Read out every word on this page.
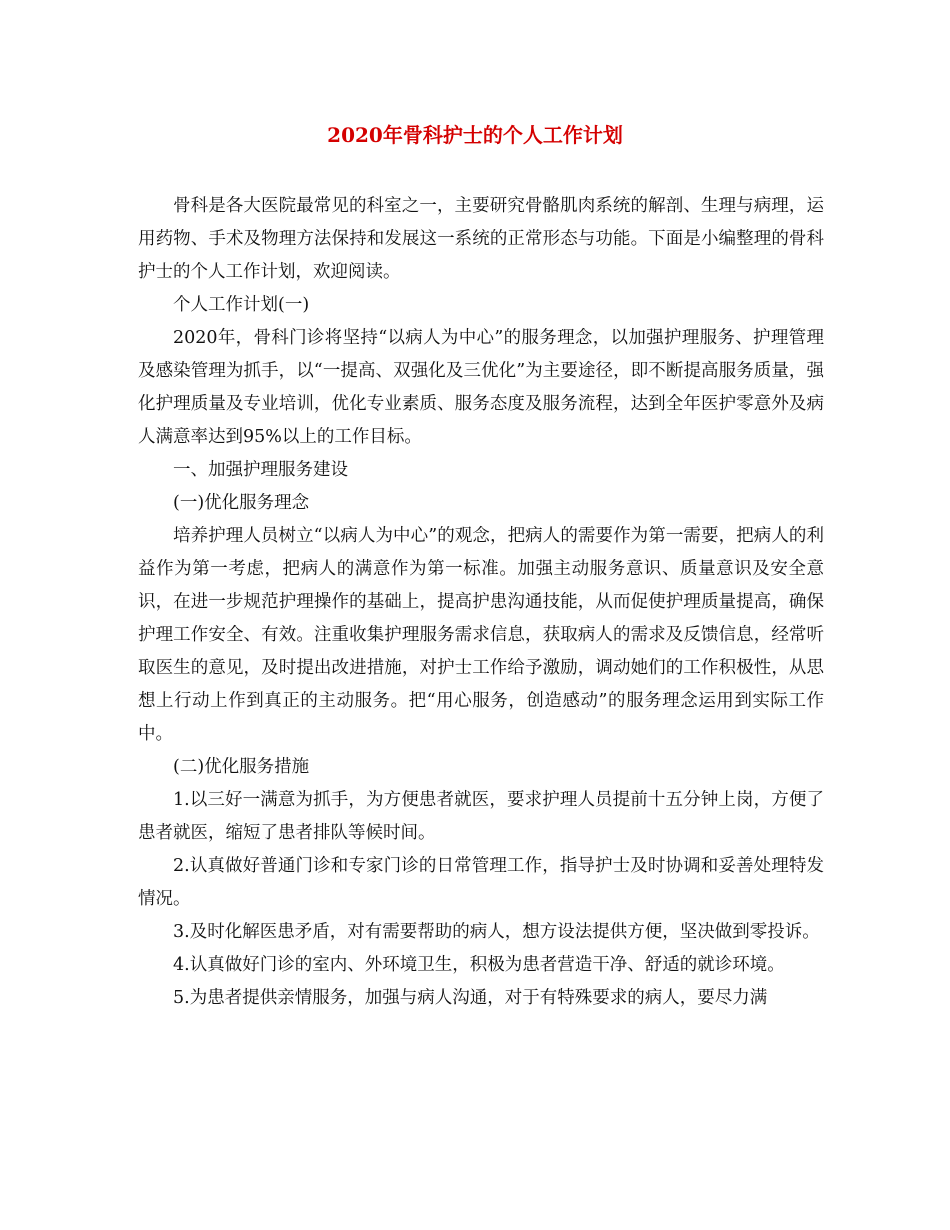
2020年骨科护士的个人工作计划

骨科是各大医院最常见的科室之一，主要研究骨骼肌肉系统的解剖、生理与病理，运用药物、手术及物理方法保持和发展这一系统的正常形态与功能。下面是小编整理的骨科护士的个人工作计划，欢迎阅读。

个人工作计划(一)

2020年，骨科门诊将坚持“以病人为中心”的服务理念，以加强护理服务、护理管理及感染管理为抓手，以“一提高、双强化及三优化”为主要途径，即不断提高服务质量，强化护理质量及专业培训，优化专业素质、服务态度及服务流程，达到全年医护零意外及病人满意率达到95%以上的工作目标。

一、加强护理服务建设

(一)优化服务理念

培养护理人员树立“以病人为中心”的观念，把病人的需要作为第一需要，把病人的利益作为第一考虑，把病人的满意作为第一标准。加强主动服务意识、质量意识及安全意识，在进一步规范护理操作的基础上，提高护患沟通技能，从而促使护理质量提高，确保护理工作安全、有效。注重收集护理服务需求信息，获取病人的需求及反馈信息，经常听取医生的意见，及时提出改进措施，对护士工作给予激励，调动她们的工作积极性，从思想上行动上作到真正的主动服务。把“用心服务，创造感动”的服务理念运用到实际工作中。

(二)优化服务措施

1.以三好一满意为抓手，为方便患者就医，要求护理人员提前十五分钟上岗，方便了患者就医，缩短了患者排队等候时间。

2.认真做好普通门诊和专家门诊的日常管理工作，指导护士及时协调和妥善处理特发情况。

3.及时化解医患矛盾，对有需要帮助的病人，想方设法提供方便，坚决做到零投诉。

4.认真做好门诊的室内、外环境卫生，积极为患者营造干净、舒适的就诊环境。

5.为患者提供亲情服务，加强与病人沟通，对于有特殊要求的病人，要尽力满
